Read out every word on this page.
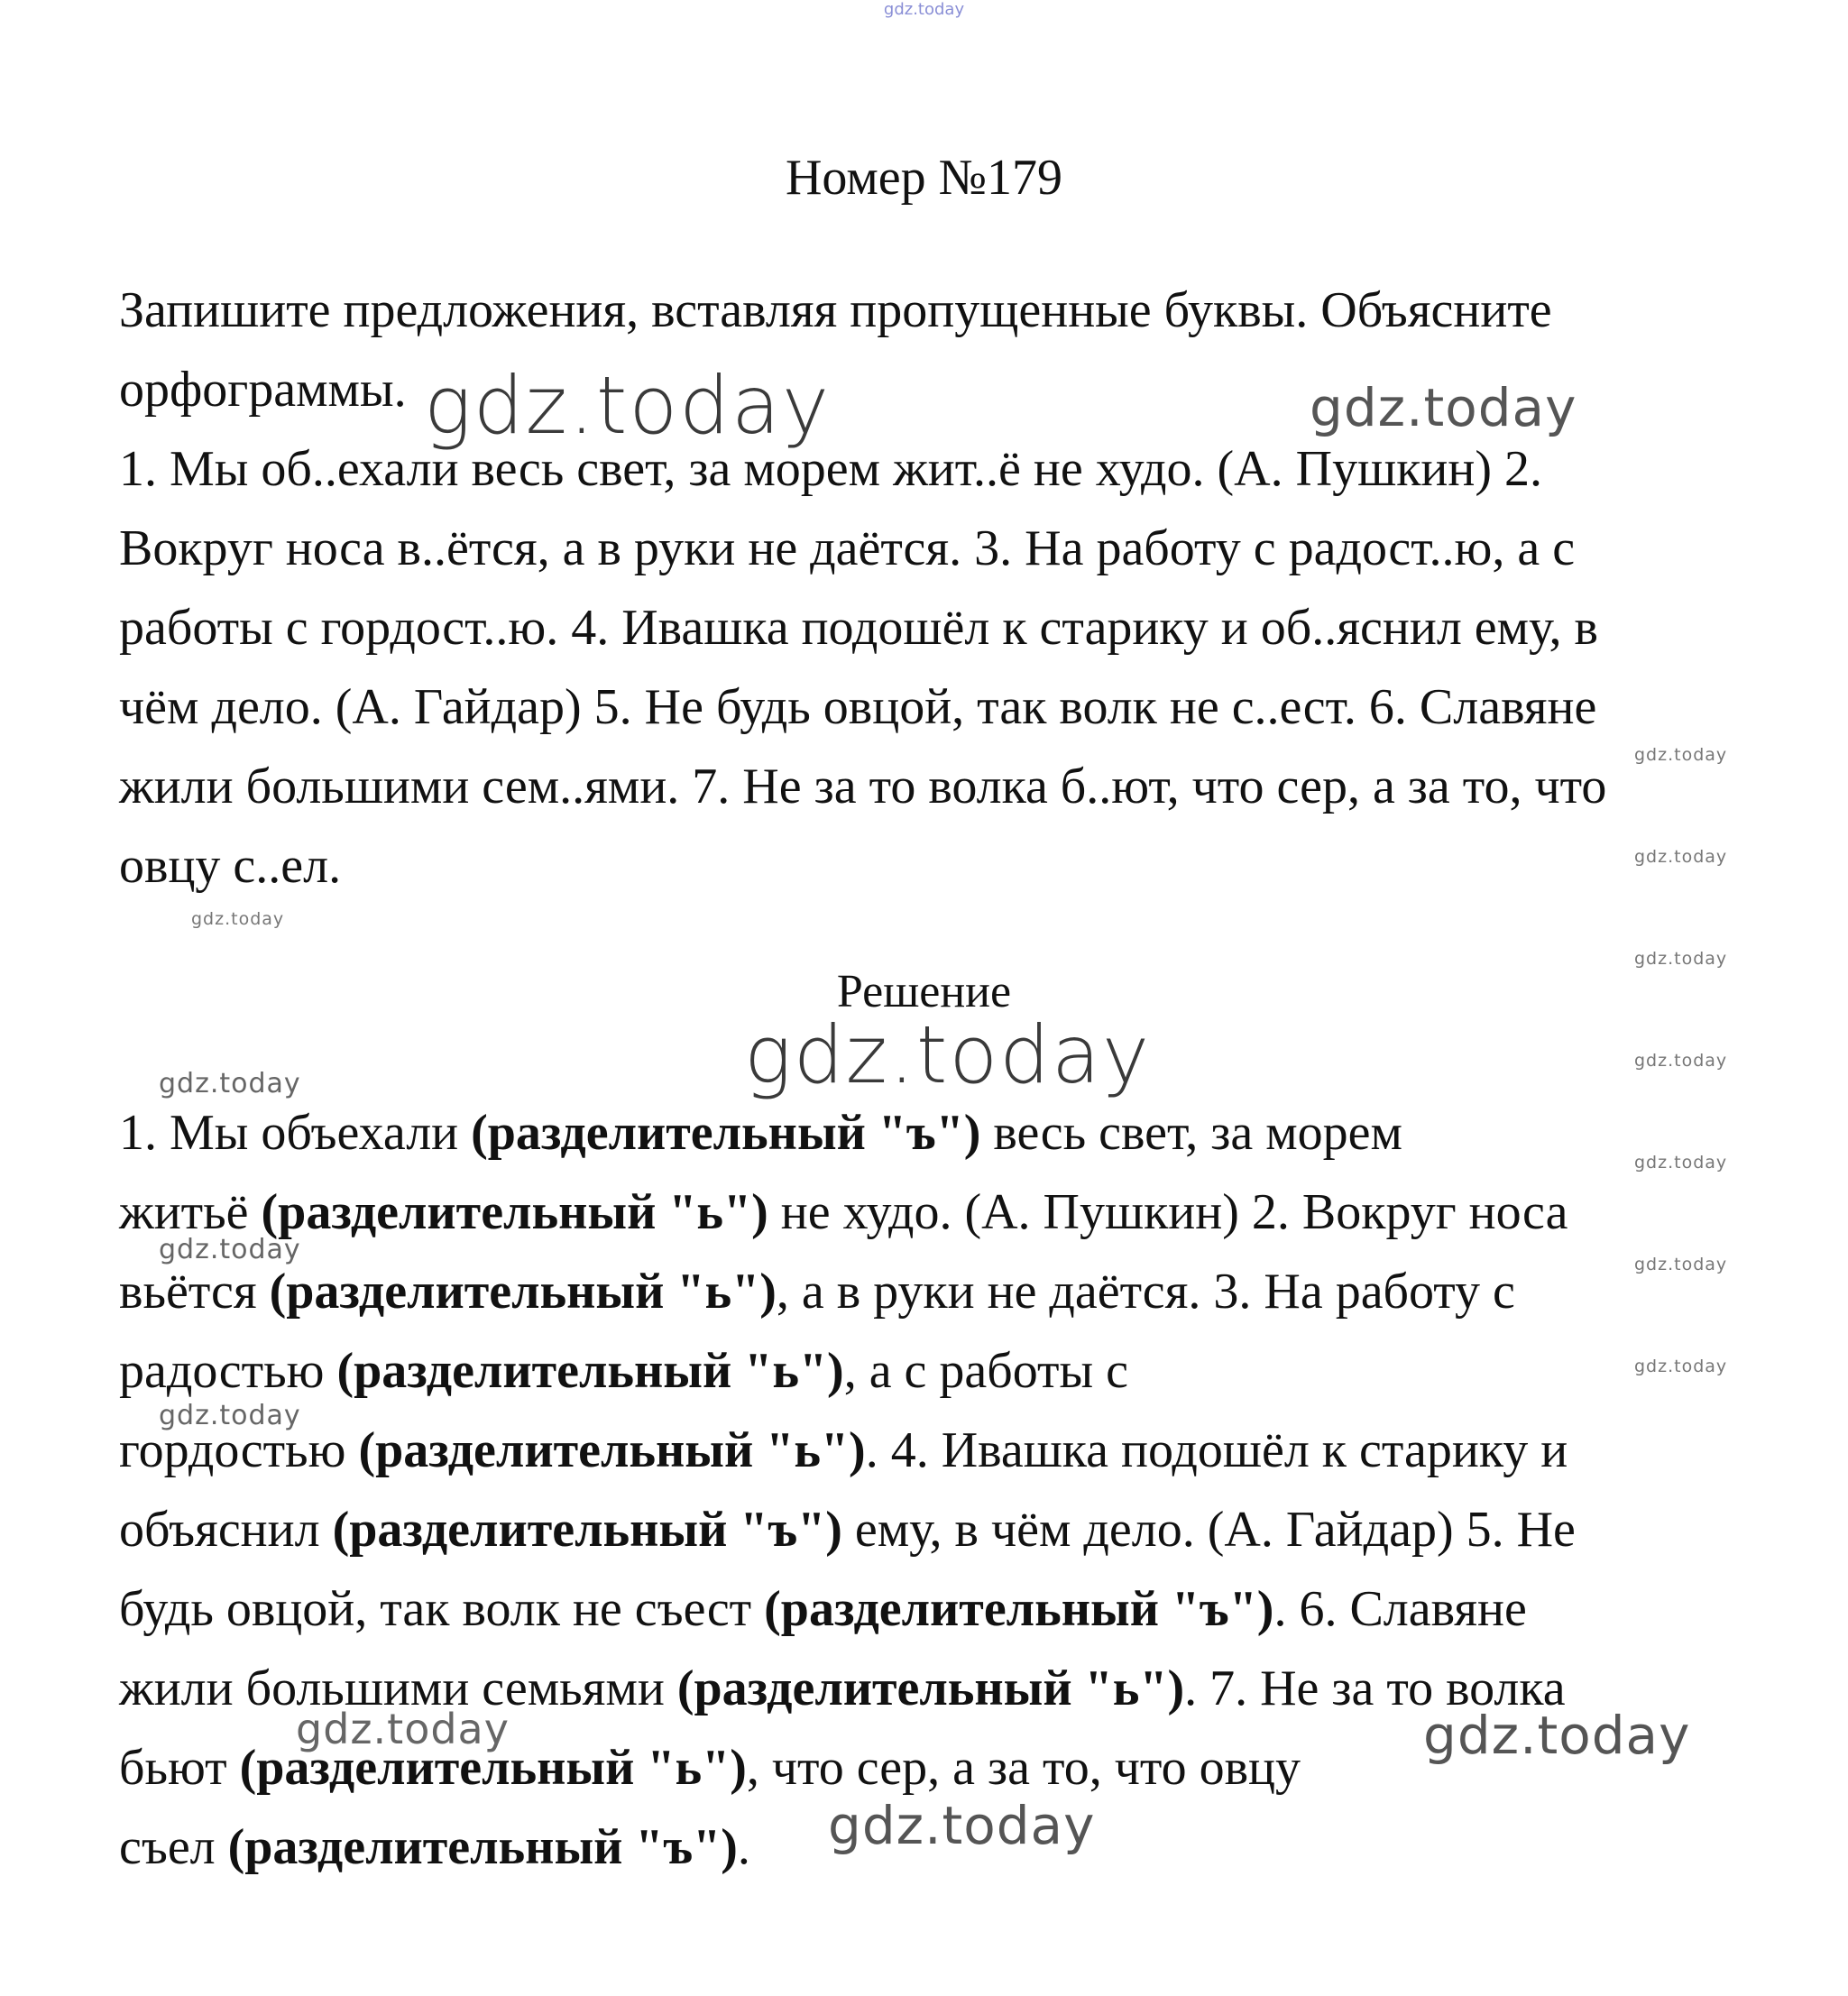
gdz.today
Номер №179
Запишите предложения, вставляя пропущенные буквы. Объясните
орфограммы.
1. Мы об..ехали весь свет, за морем жит..ё не худо. (А. Пушкин) 2.
Вокруг носа в..ётся, а в руки не даётся. 3. На работу с радост..ю, а с
работы с гордост..ю. 4. Ивашка подошёл к старику и об..яснил ему, в
чём дело. (А. Гайдар) 5. Не будь овцой, так волк не с..ест. 6. Славяне
жили большими сем..ями. 7. Не за то волка б..ют, что сер, а за то, что
овцу с..ел.
Решение
1. Мы объехали (разделительный "ъ") весь свет, за морем
житьё (разделительный "ь") не худо. (А. Пушкин) 2. Вокруг носа
вьётся (разделительный "ь"), а в руки не даётся. 3. На работу с
радостью (разделительный "ь"), а с работы с
гордостью (разделительный "ь"). 4. Ивашка подошёл к старику и
объяснил (разделительный "ъ") ему, в чём дело. (А. Гайдар) 5. Не
будь овцой, так волк не съест (разделительный "ъ"). 6. Славяне
жили большими семьями (разделительный "ь"). 7. Не за то волка
бьют (разделительный "ь"), что сер, а за то, что овцу
съел (разделительный "ъ").
gdz.today	gdz.today
gdz.today
gdz.today
gdz.today
gdz.today
gdz.today	gdz.today
gdz.today
gdz.today
gdz.today	gdz.today
gdz.today
gdz.today
gdz.today	gdz.today
gdz.today
